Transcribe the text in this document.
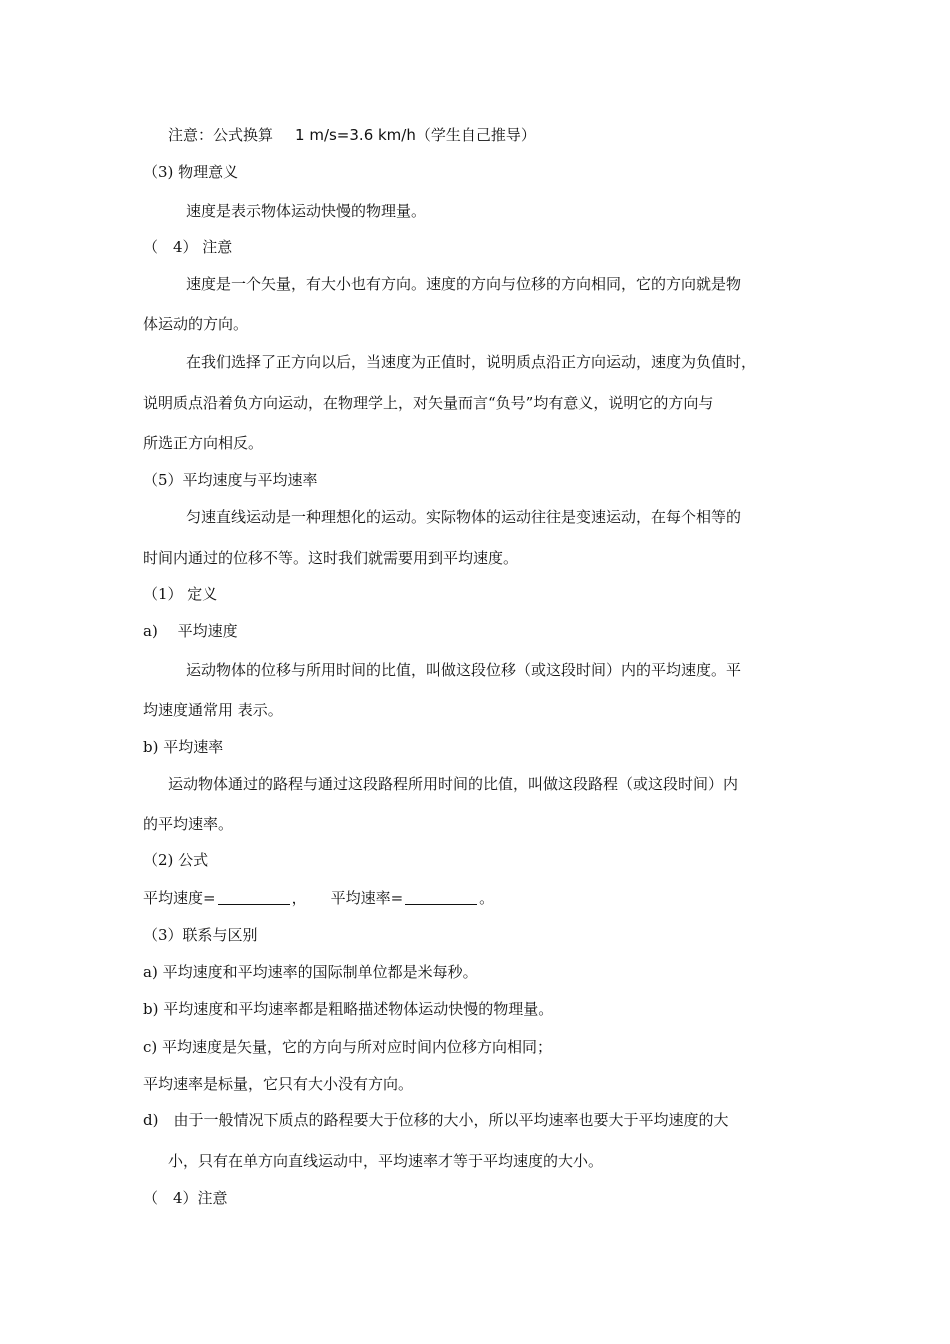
注意：公式换算 1 m/s=3.6 km/h（学生自己推导）
（3) 物理意义
速度是表示物体运动快慢的物理量。
（　4） 注意
速度是一个矢量，有大小也有方向。速度的方向与位移的方向相同，它的方向就是物
体运动的方向。
在我们选择了正方向以后，当速度为正值时，说明质点沿正方向运动，速度为负值时，
说明质点沿着负方向运动，在物理学上，对矢量而言“负号”均有意义，说明它的方向与
所选正方向相反。
（5）平均速度与平均速率
匀速直线运动是一种理想化的运动。实际物体的运动往往是变速运动，在每个相等的
时间内通过的位移不等。这时我们就需要用到平均速度。
（1） 定义
a)　 平均速度
运动物体的位移与所用时间的比值，叫做这段位移（或这段时间）内的平均速度。平
均速度通常用 表示。
b) 平均速率
运动物体通过的路程与通过这段路程所用时间的比值，叫做这段路程（或这段时间）内
的平均速率。
（2) 公式
平均速度=	， 平均速率=	。
（3）联系与区别
a) 平均速度和平均速率的国际制单位都是米每秒。
b) 平均速度和平均速率都是粗略描述物体运动快慢的物理量。
c) 平均速度是矢量，它的方向与所对应时间内位移方向相同；
平均速率是标量，它只有大小没有方向。
d)　由于一般情况下质点的路程要大于位移的大小，所以平均速率也要大于平均速度的大
小，只有在单方向直线运动中，平均速率才等于平均速度的大小。
（　4）注意
